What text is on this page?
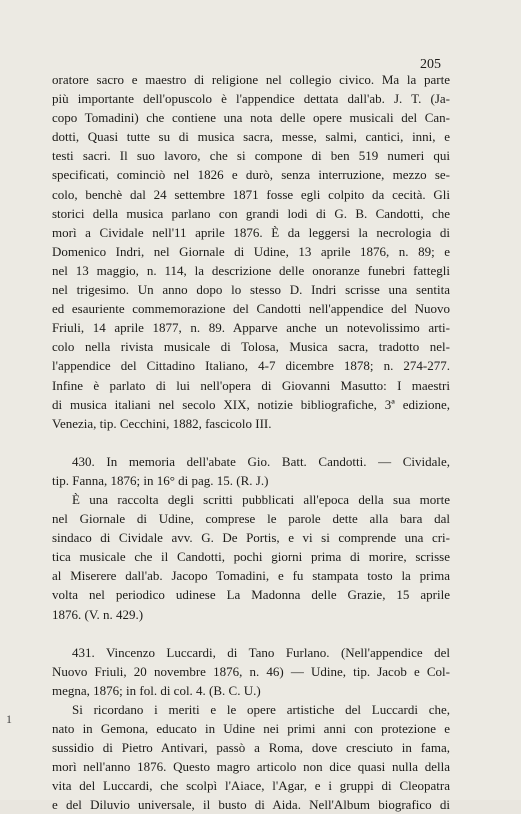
205
oratore sacro e maestro di religione nel collegio civico. Ma la parte
più importante dell'opuscolo è l'appendice dettata dall'ab. J. T. (Ja-
copo Tomadini) che contiene una nota delle opere musicali del Can-
dotti, Quasi tutte su di musica sacra, messe, salmi, cantici, inni, e
testi sacri. Il suo lavoro, che si compone di ben 519 numeri qui
specificati, cominciò nel 1826 e durò, senza interruzione, mezzo se-
colo, benchè dal 24 settembre 1871 fosse egli colpito da cecità. Gli
storici della musica parlano con grandi lodi di G. B. Candotti, che
morì a Cividale nell'11 aprile 1876. È da leggersi la necrologia di
Domenico Indri, nel Giornale di Udine, 13 aprile 1876, n. 89; e
nel 13 maggio, n. 114, la descrizione delle onoranze funebri fattegli
nel trigesimo. Un anno dopo lo stesso D. Indri scrisse una sentita
ed esauriente commemorazione del Candotti nell'appendice del Nuovo
Friuli, 14 aprile 1877, n. 89. Apparve anche un notevolissimo arti-
colo nella rivista musicale di Tolosa, Musica sacra, tradotto nel-
l'appendice del Cittadino Italiano, 4-7 dicembre 1878; n. 274-277.
Infine è parlato di lui nell'opera di Giovanni Masutto: I maestri
di musica italiani nel secolo XIX, notizie bibliografiche, 3ª edizione,
Venezia, tip. Cecchini, 1882, fascicolo III.
430. In memoria dell'abate Gio. Batt. Candotti. — Cividale,
tip. Fanna, 1876; in 16° di pag. 15. (R. J.)
È una raccolta degli scritti pubblicati all'epoca della sua morte
nel Giornale di Udine, comprese le parole dette alla bara dal
sindaco di Cividale avv. G. De Portis, e vi si comprende una cri-
tica musicale che il Candotti, pochi giorni prima di morire, scrisse
al Miserere dall'ab. Jacopo Tomadini, e fu stampata tosto la prima
volta nel periodico udinese La Madonna delle Grazie, 15 aprile
1876. (V. n. 429.)
431. Vincenzo Luccardi, di Tano Furlano. (Nell'appendice del
Nuovo Friuli, 20 novembre 1876, n. 46) — Udine, tip. Jacob e Col-
megna, 1876; in fol. di col. 4. (B. C. U.)
Si ricordano i meriti e le opere artistiche del Luccardi che,
nato in Gemona, educato in Udine nei primi anni con protezione e
sussidio di Pietro Antivari, passò a Roma, dove cresciuto in fama,
morì nell'anno 1876. Questo magro articolo non dice quasi nulla della
vita del Luccardi, che scolpì l'Aiace, l'Agar, e i gruppi di Cleopatra
e del Diluvio universale, il busto di Aida. Nell'Album biografico di
1
